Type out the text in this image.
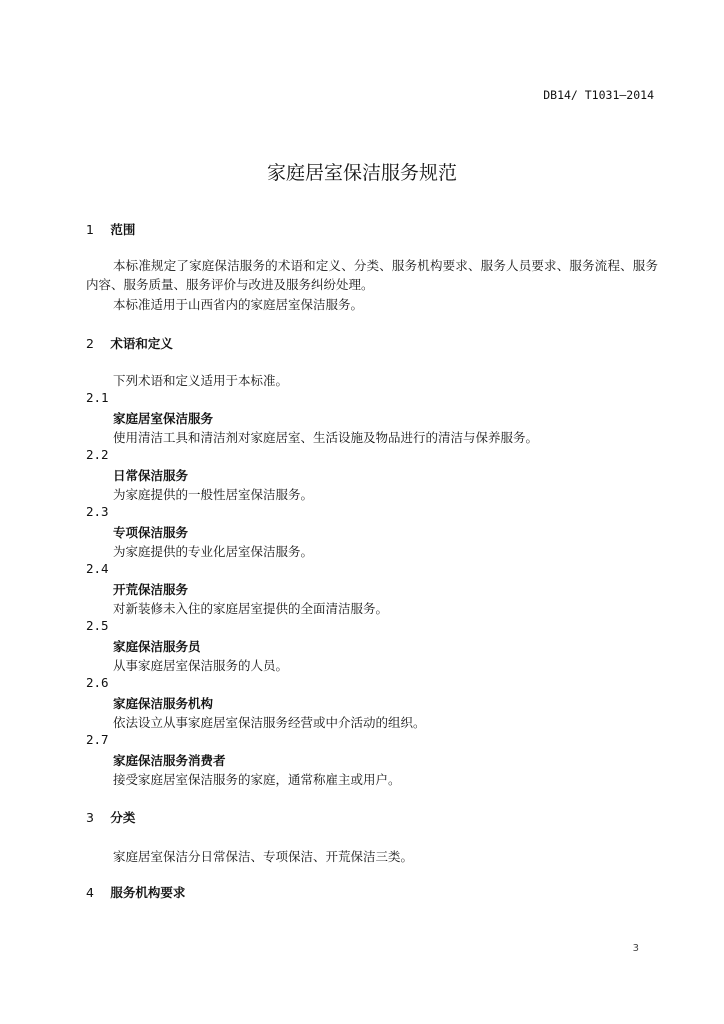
DB14/ T1031—2014
家庭居室保洁服务规范
1 范围

本标准规定了家庭保洁服务的术语和定义、分类、服务机构要求、服务人员要求、服务流程、服务内容、服务质量、服务评价与改进及服务纠纷处理。

本标准适用于山西省内的家庭居室保洁服务。

2 术语和定义
下列术语和定义适用于本标准。
2.1
家庭居室保洁服务
使用清洁工具和清洁剂对家庭居室、生活设施及物品进行的清洁与保养服务。
2.2
日常保洁服务
为家庭提供的一般性居室保洁服务。
2.3
专项保洁服务
为家庭提供的专业化居室保洁服务。
2.4
开荒保洁服务
对新装修未入住的家庭居室提供的全面清洁服务。
2.5
家庭保洁服务员
从事家庭居室保洁服务的人员。
2.6
家庭保洁服务机构
依法设立从事家庭居室保洁服务经营或中介活动的组织。
2.7
家庭保洁服务消费者
接受家庭居室保洁服务的家庭，通常称雇主或用户。
3 分类
家庭居室保洁分日常保洁、专项保洁、开荒保洁三类。
4 服务机构要求
3
